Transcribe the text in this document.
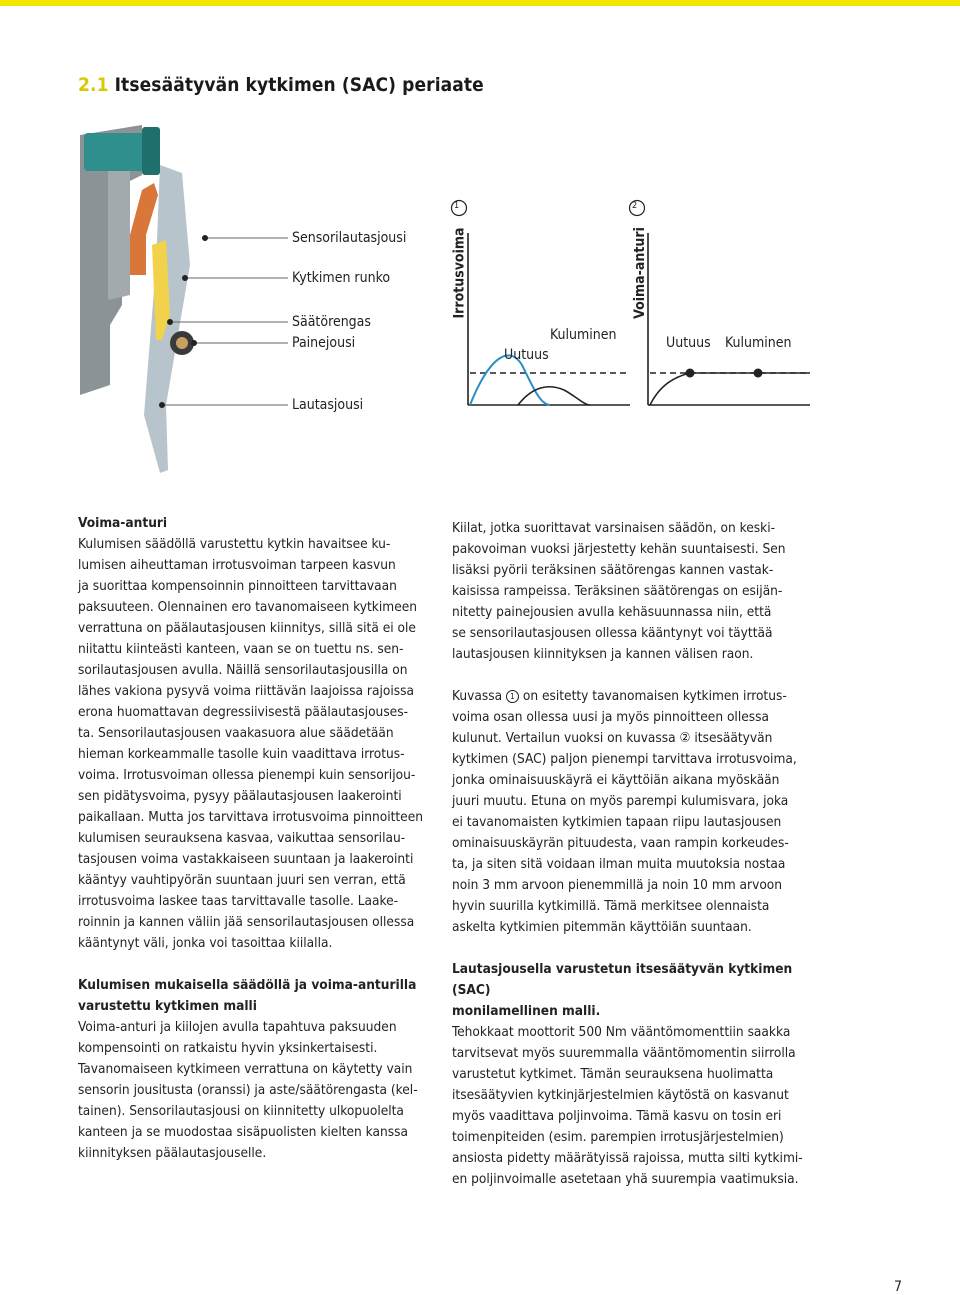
2.1 Itsesäätyvän kytkimen (SAC) periaate
Sensorilautasjousi
Kytkimen runko
Säätörengas
Painejousi
Lautasjousi
1	2
Irrotusvoima	Voima-anturi
Uutuus
Kuluminen	Uutuus Kuluminen

Voima-anturi

Kulumisen säädöllä varustettu kytkin havaitsee ku-

lumisen aiheuttaman irrotusvoiman tarpeen kasvun

ja suorittaa kompensoinnin pinnoitteen tarvittavaan

paksuuteen. Olennainen ero tavanomaiseen kytkimeen

verrattuna on päälautasjousen kiinnitys, sillä sitä ei ole

niitattu kiinteästi kanteen, vaan se on tuettu ns. sen-

sorilautasjousen avulla. Näillä sensorilautasjousilla on

lähes vakiona pysyvä voima riittävän laajoissa rajoissa

erona huomattavan degressiivisestä päälautasjouses-

ta. Sensorilautasjousen vaakasuora alue säädetään

hieman korkeammalle tasolle kuin vaadittava irrotus-

voima. Irrotusvoiman ollessa pienempi kuin sensorijou-

sen pidätysvoima, pysyy päälautasjousen laakerointi

paikallaan. Mutta jos tarvittava irrotusvoima pinnoitteen

kulumisen seurauksena kasvaa, vaikuttaa sensorilau-

tasjousen voima vastakkaiseen suuntaan ja laakerointi

kääntyy vauhtipyörän suuntaan juuri sen verran, että

irrotusvoima laskee taas tarvittavalle tasolle. Laake-

roinnin ja kannen väliin jää sensorilautasjousen ollessa

kääntynyt väli, jonka voi tasoittaa kiilalla.

Kulumisen mukaisella säädöllä ja voima-anturilla

varustettu kytkimen malli

Voima-anturi ja kiilojen avulla tapahtuva paksuuden

kompensointi on ratkaistu hyvin yksinkertaisesti.

Tavanomaiseen kytkimeen verrattuna on käytetty vain

sensorin jousitusta (oranssi) ja aste/säätörengasta (kel-

tainen). Sensorilautasjousi on kiinnitetty ulkopuolelta

kanteen ja se muodostaa sisäpuolisten kielten kanssa

kiinnityksen päälautasjouselle.

Kiilat, jotka suorittavat varsinaisen säädön, on keski-

pakovoiman vuoksi järjestetty kehän suuntaisesti. Sen

lisäksi pyörii teräksinen säätörengas kannen vastak-

kaisissa rampeissa. Teräksinen säätörengas on esijän-

nitetty painejousien avulla kehäsuunnassa niin, että

se sensorilautasjousen ollessa kääntynyt voi täyttää

lautasjousen kiinnityksen ja kannen välisen raon.

Kuvassa 1 on esitetty tavanomaisen kytkimen irrotus-

voima osan ollessa uusi ja myös pinnoitteen ollessa

kulunut. Vertailun vuoksi on kuvassa ② itsesäätyvän

kytkimen (SAC) paljon pienempi tarvittava irrotusvoima,

jonka ominaisuuskäyrä ei käyttöiän aikana myöskään

juuri muutu. Etuna on myös parempi kulumisvara, joka

ei tavanomaisten kytkimien tapaan riipu lautasjousen

ominaisuuskäyrän pituudesta, vaan rampin korkeudes-

ta, ja siten sitä voidaan ilman muita muutoksia nostaa

noin 3 mm arvoon pienemmillä ja noin 10 mm arvoon

hyvin suurilla kytkimillä. Tämä merkitsee olennaista

askelta kytkimien pitemmän käyttöiän suuntaan.

Lautasjousella varustetun itsesäätyvän kytkimen (SAC)

monilamellinen malli.

Tehokkaat moottorit 500 Nm vääntömomenttiin saakka

tarvitsevat myös suuremmalla vääntömomentin siirrolla

varustetut kytkimet. Tämän seurauksena huolimatta

itsesäätyvien kytkinjärjestelmien käytöstä on kasvanut

myös vaadittava poljinvoima. Tämä kasvu on tosin eri

toimenpiteiden (esim. parempien irrotusjärjestelmien)

ansiosta pidetty määrätyissä rajoissa, mutta silti kytkimi-

en poljinvoimalle asetetaan yhä suurempia vaatimuksia.

7
